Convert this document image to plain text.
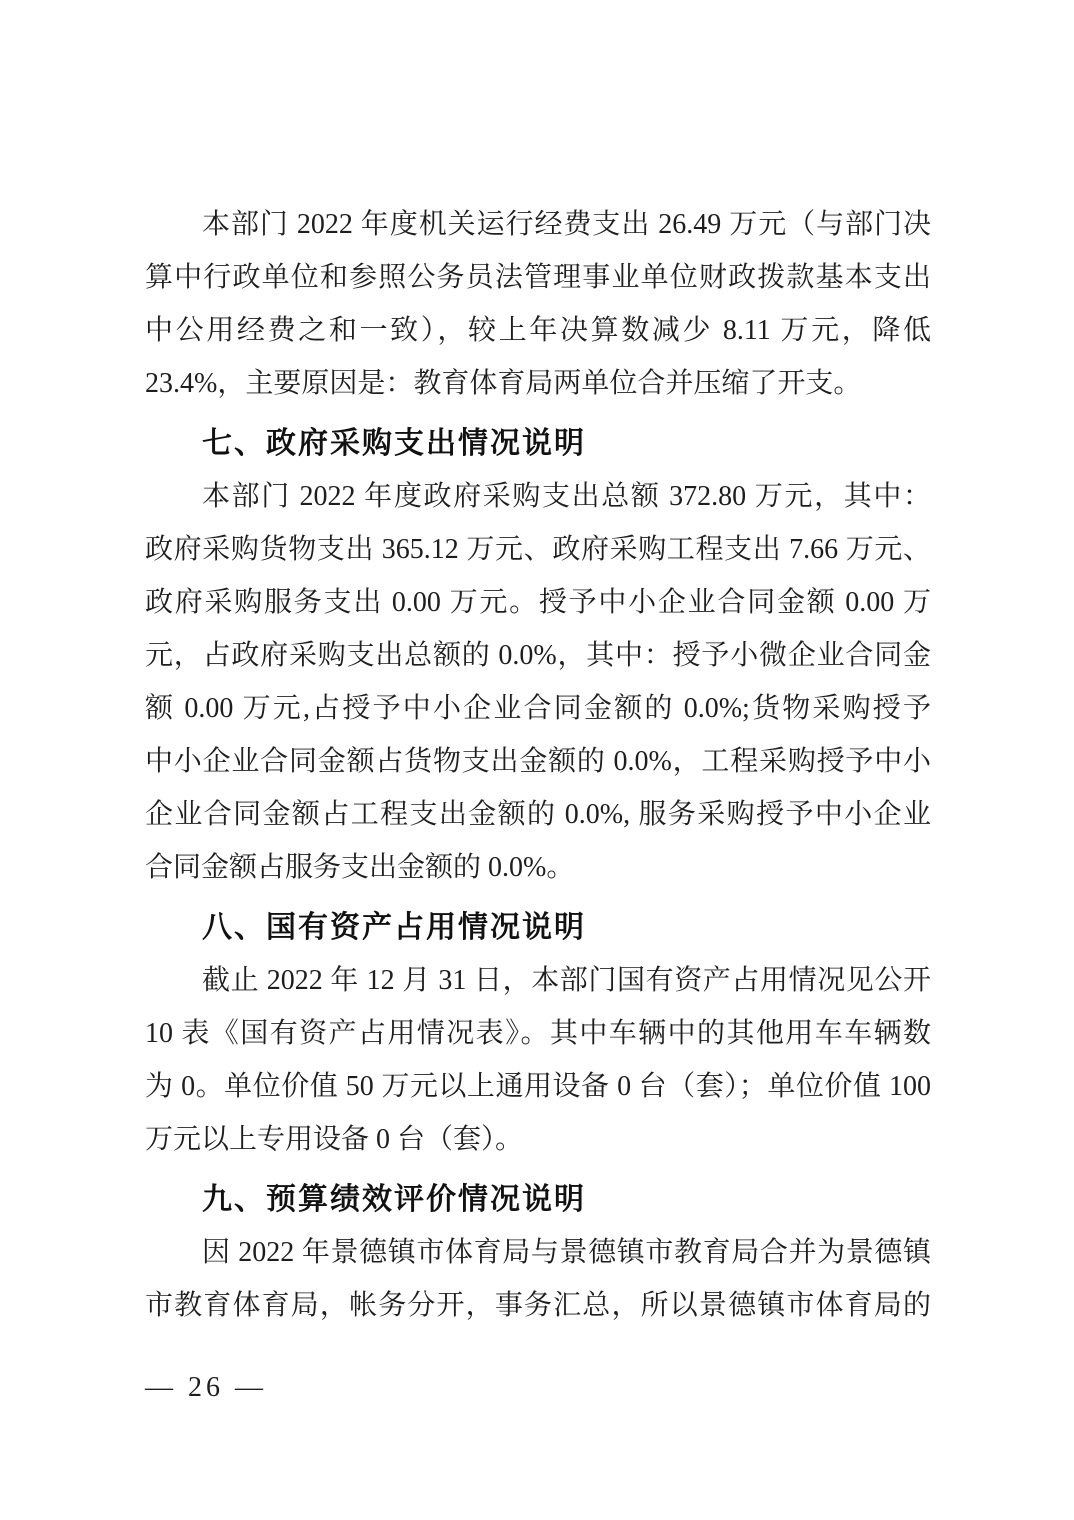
本部门 2022 年度机关运行经费支出 26.49 万元（与部门决
算中行政单位和参照公务员法管理事业单位财政拨款基本支出
中公用经费之和一致），较上年决算数减少 8.11 万元，降低
23.4%，主要原因是：教育体育局两单位合并压缩了开支。
七、政府采购支出情况说明
本部门 2022 年度政府采购支出总额 372.80 万元，其中：
政府采购货物支出 365.12 万元、政府采购工程支出 7.66 万元、
政府采购服务支出 0.00 万元。授予中小企业合同金额 0.00 万
元，占政府采购支出总额的 0.0%，其中：授予小微企业合同金
额 0.00 万元,占授予中小企业合同金额的 0.0%;货物采购授予
中小企业合同金额占货物支出金额的 0.0%，工程采购授予中小
企业合同金额占工程支出金额的 0.0%, 服务采购授予中小企业
合同金额占服务支出金额的 0.0%。
八、国有资产占用情况说明
截止 2022 年 12 月 31 日，本部门国有资产占用情况见公开
10 表《国有资产占用情况表》。其中车辆中的其他用车车辆数
为 0。单位价值 50 万元以上通用设备 0 台（套）；单位价值 100
万元以上专用设备 0 台（套）。
九、预算绩效评价情况说明
因 2022 年景德镇市体育局与景德镇市教育局合并为景德镇
市教育体育局，帐务分开，事务汇总，所以景德镇市体育局的
— 26 —
